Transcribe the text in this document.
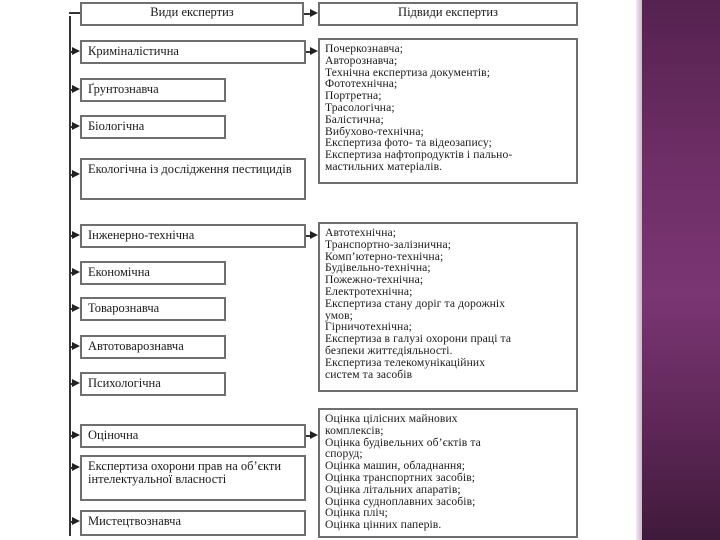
Види експертиз	Підвиди експертиз
Криміналістична
Ґрунтознавча
Біологічна
Екологічна із дослідження пестицидів
Інженерно-технічна
Економічна
Товарознавча
Автотоварознавча
Психологічна
Оціночна
Експертиза охорони прав на об’єкти інтелектуальної власності
Мистецтвознавча
Почеркознавча;
Авторознавча;
Технічна експертиза документів;
Фототехнічна;
Портретна;
Трасологічна;
Балістична;
Вибухово-технічна;
Експертиза фото- та відеозапису;
Експертиза нафтопродуктів і пально-
мастильних матеріалів.
Автотехнічна;
Транспортно-залізнична;
Комп’ютерно-технічна;
Будівельно-технічна;
Пожежно-технічна;
Електротехнічна;
Експертиза стану доріг та дорожніх
умов;
Гірничотехнічна;
Експертиза в галузі охорони праці та
безпеки життєдіяльності.
Експертиза телекомунікаційних
систем та засобів
Оцінка цілісних майнових
комплексів;
Оцінка будівельних об’єктів та
споруд;
Оцінка машин, обладнання;
Оцінка транспортних засобів;
Оцінка літальних апаратів;
Оцінка судноплавних засобів;
Оцінка пліч;
Оцінка цінних паперів.
